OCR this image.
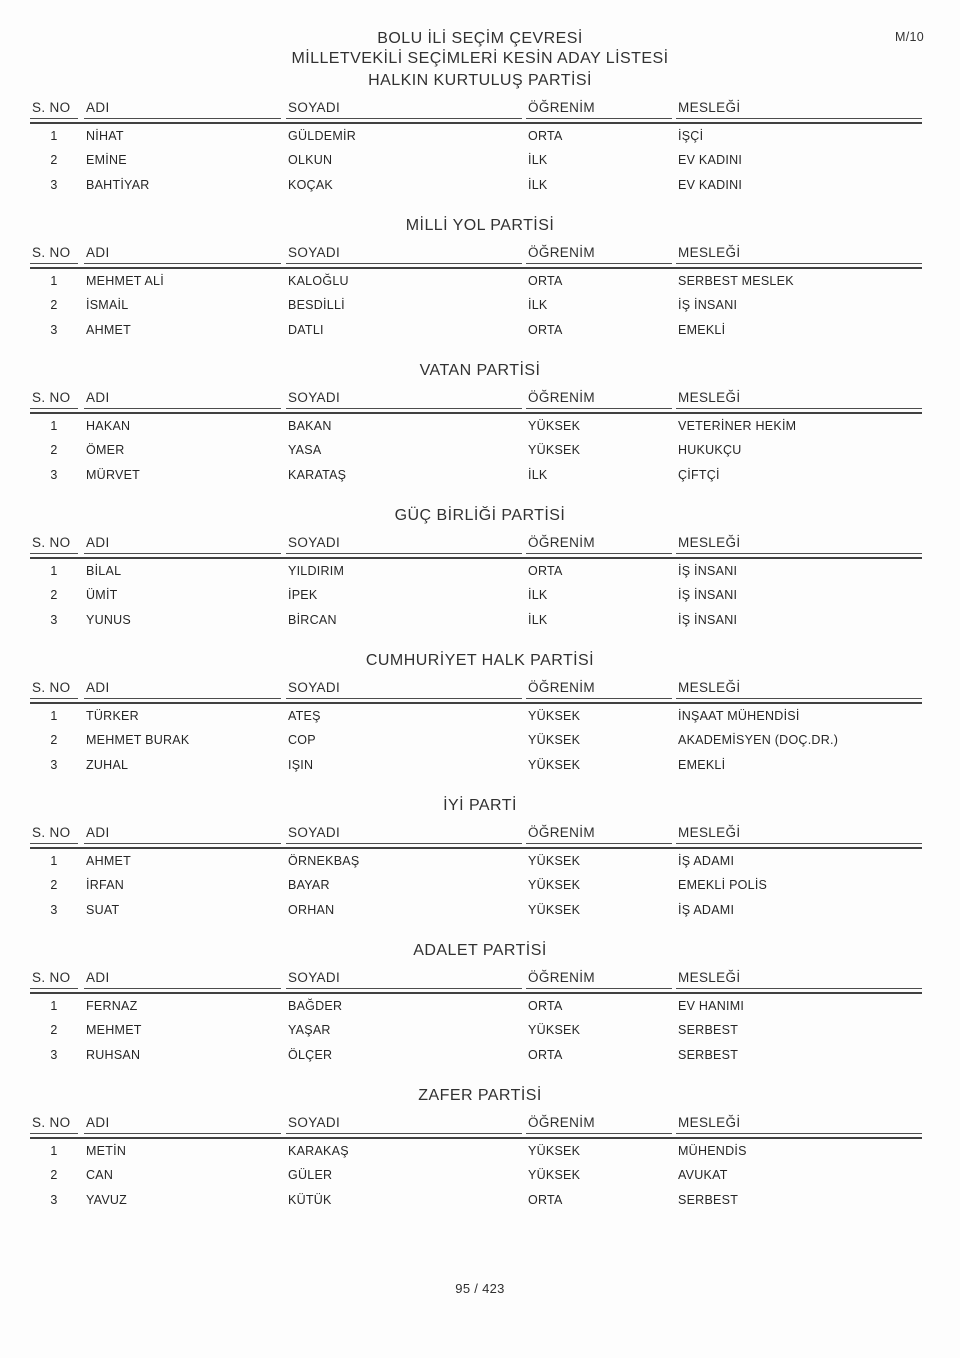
M/10
BOLU İLİ SEÇİM ÇEVRESİ
MİLLETVEKİLİ SEÇİMLERİ KESİN ADAY LİSTESİ
HALKIN KURTULUŞ PARTİSİ
S. NO	ADI	SOYADI	ÖĞRENİM	MESLEĞİ
1	NİHAT	GÜLDEMİR	ORTA	İŞÇİ
2	EMİNE	OLKUN	İLK	EV KADINI
3	BAHTİYAR	KOÇAK	İLK	EV KADINI
MİLLİ YOL PARTİSİ
S. NO	ADI	SOYADI	ÖĞRENİM	MESLEĞİ
1	MEHMET ALİ	KALOĞLU	ORTA	SERBEST MESLEK
2	İSMAİL	BESDİLLİ	İLK	İŞ İNSANI
3	AHMET	DATLI	ORTA	EMEKLİ
VATAN PARTİSİ
S. NO	ADI	SOYADI	ÖĞRENİM	MESLEĞİ
1	HAKAN	BAKAN	YÜKSEK	VETERİNER HEKİM
2	ÖMER	YASA	YÜKSEK	HUKUKÇU
3	MÜRVET	KARATAŞ	İLK	ÇİFTÇİ
GÜÇ BİRLİĞİ PARTİSİ
S. NO	ADI	SOYADI	ÖĞRENİM	MESLEĞİ
1	BİLAL	YILDIRIM	ORTA	İŞ İNSANI
2	ÜMİT	İPEK	İLK	İŞ İNSANI
3	YUNUS	BİRCAN	İLK	İŞ İNSANI
CUMHURİYET HALK PARTİSİ
S. NO	ADI	SOYADI	ÖĞRENİM	MESLEĞİ
1	TÜRKER	ATEŞ	YÜKSEK	İNŞAAT MÜHENDİSİ
2	MEHMET BURAK	COP	YÜKSEK	AKADEMİSYEN (DOÇ.DR.)
3	ZUHAL	IŞIN	YÜKSEK	EMEKLİ
İYİ PARTİ
S. NO	ADI	SOYADI	ÖĞRENİM	MESLEĞİ
1	AHMET	ÖRNEKBAŞ	YÜKSEK	İŞ ADAMI
2	İRFAN	BAYAR	YÜKSEK	EMEKLİ POLİS
3	SUAT	ORHAN	YÜKSEK	İŞ ADAMI
ADALET PARTİSİ
S. NO	ADI	SOYADI	ÖĞRENİM	MESLEĞİ
1	FERNAZ	BAĞDER	ORTA	EV HANIMI
2	MEHMET	YAŞAR	YÜKSEK	SERBEST
3	RUHSAN	ÖLÇER	ORTA	SERBEST
ZAFER PARTİSİ
S. NO	ADI	SOYADI	ÖĞRENİM	MESLEĞİ
1	METİN	KARAKAŞ	YÜKSEK	MÜHENDİS
2	CAN	GÜLER	YÜKSEK	AVUKAT
3	YAVUZ	KÜTÜK	ORTA	SERBEST
95 / 423
